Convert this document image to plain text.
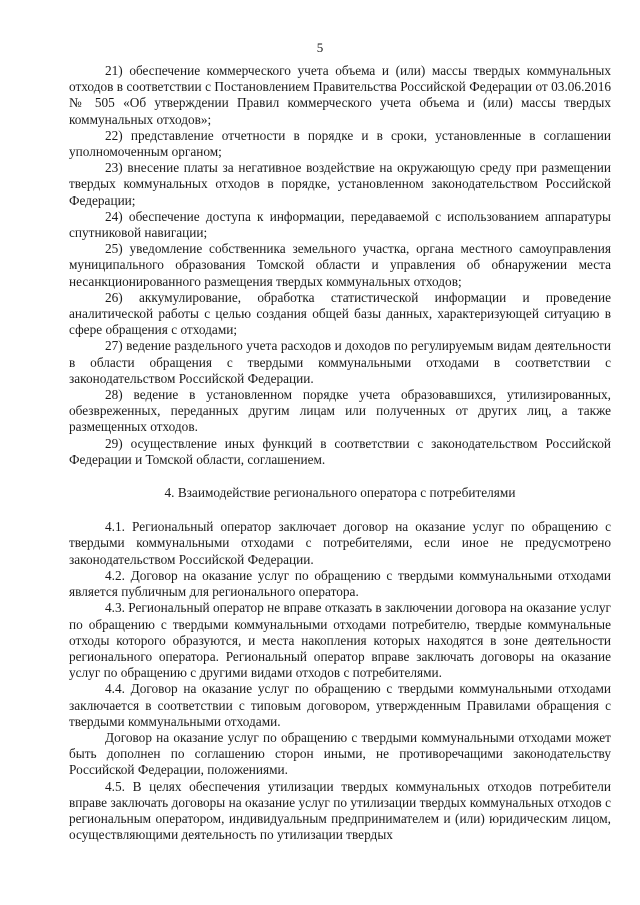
5

21) обеспечение коммерческого учета объема и (или) массы твердых коммунальных отходов в соответствии с Постановлением Правительства Российской Федерации от 03.06.2016 № 505 «Об утверждении Правил коммерческого учета объема и (или) массы твердых коммунальных отходов»;

22) представление отчетности в порядке и в сроки, установленные в соглашении уполномоченным органом;

23) внесение платы за негативное воздействие на окружающую среду при размещении твердых коммунальных отходов в порядке, установленном законодательством Российской Федерации;

24) обеспечение доступа к информации, передаваемой с использованием аппаратуры спутниковой навигации;

25) уведомление собственника земельного участка, органа местного самоуправления муниципального образования Томской области и управления об обнаружении места несанкционированного размещения твердых коммунальных отходов;

26) аккумулирование, обработка статистической информации и проведение аналитической работы с целью создания общей базы данных, характеризующей ситуацию в сфере обращения с отходами;

27) ведение раздельного учета расходов и доходов по регулируемым видам деятельности в области обращения с твердыми коммунальными отходами в соответствии с законодательством Российской Федерации.

28) ведение в установленном порядке учета образовавшихся, утилизированных, обезвреженных, переданных другим лицам или полученных от других лиц, а также размещенных отходов.

29) осуществление иных функций в соответствии с законодательством Российской Федерации и Томской области, соглашением.

4. Взаимодействие регионального оператора с потребителями

4.1. Региональный оператор заключает договор на оказание услуг по обращению с твердыми коммунальными отходами с потребителями, если иное не предусмотрено законодательством Российской Федерации.

4.2. Договор на оказание услуг по обращению с твердыми коммунальными отходами является публичным для регионального оператора.

4.3. Региональный оператор не вправе отказать в заключении договора на оказание услуг по обращению с твердыми коммунальными отходами потребителю, твердые коммунальные отходы которого образуются, и места накопления которых находятся в зоне деятельности регионального оператора. Региональный оператор вправе заключать договоры на оказание услуг по обращению с другими видами отходов с потребителями.

4.4. Договор на оказание услуг по обращению с твердыми коммунальными отходами заключается в соответствии с типовым договором, утвержденным Правилами обращения с твердыми коммунальными отходами.

Договор на оказание услуг по обращению с твердыми коммунальными отходами может быть дополнен по соглашению сторон иными, не противоречащими законодательству Российской Федерации, положениями.

4.5. В целях обеспечения утилизации твердых коммунальных отходов потребители вправе заключать договоры на оказание услуг по утилизации твердых коммунальных отходов с региональным оператором, индивидуальным предпринимателем и (или) юридическим лицом, осуществляющими деятельность по утилизации твердых
